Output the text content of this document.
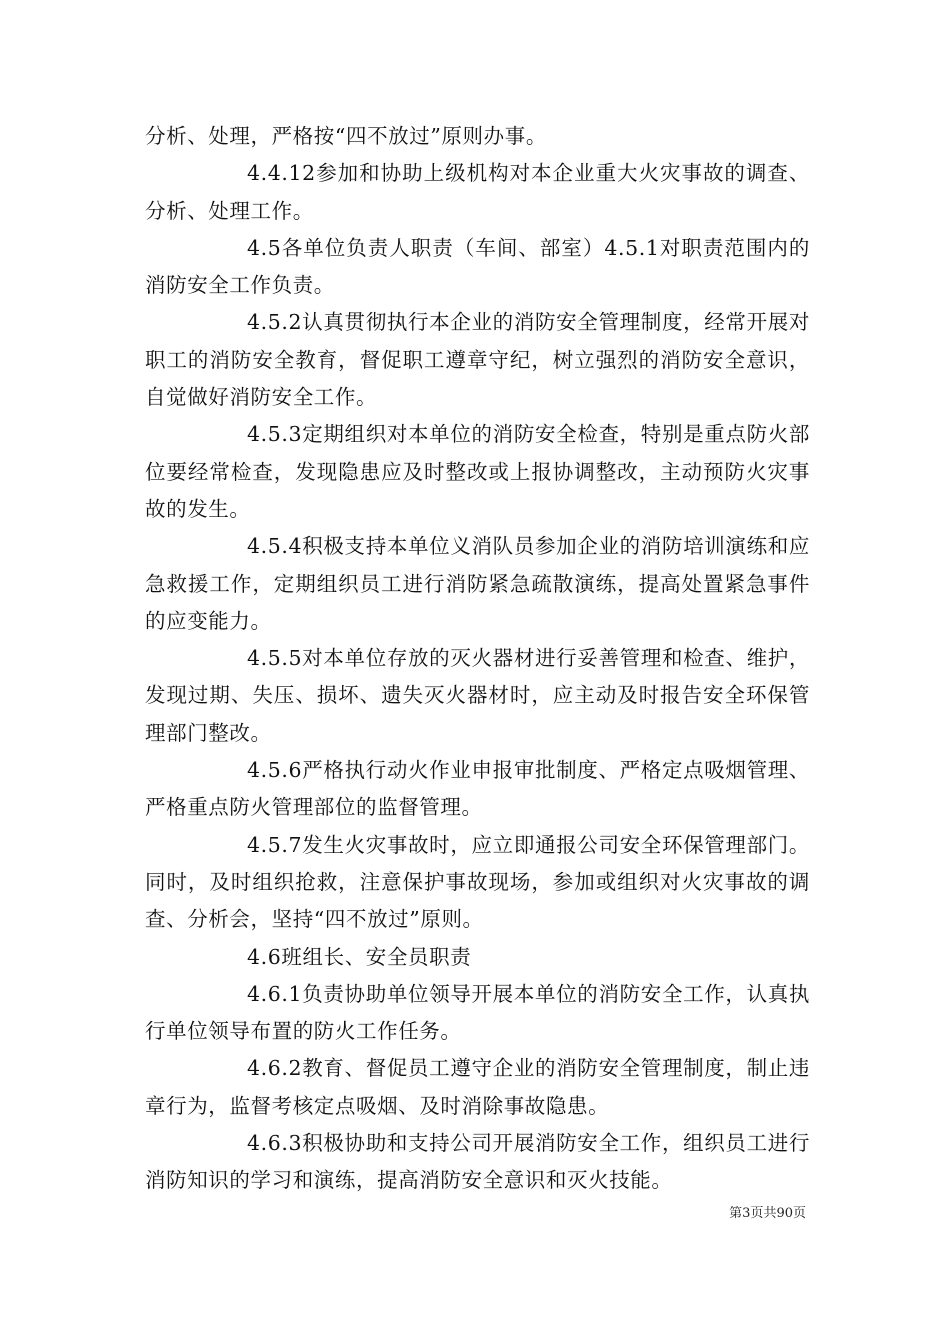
分析、处理，严格按“四不放过”原则办事。

4.4.12参加和协助上级机构对本企业重大火灾事故的调查、分析、处理工作。

4.5各单位负责人职责（车间、部室）4.5.1对职责范围内的消防安全工作负责。

4.5.2认真贯彻执行本企业的消防安全管理制度，经常开展对职工的消防安全教育，督促职工遵章守纪，树立强烈的消防安全意识，自觉做好消防安全工作。

4.5.3定期组织对本单位的消防安全检查，特别是重点防火部位要经常检查，发现隐患应及时整改或上报协调整改，主动预防火灾事故的发生。

4.5.4积极支持本单位义消队员参加企业的消防培训演练和应急救援工作，定期组织员工进行消防紧急疏散演练，提高处置紧急事件的应变能力。

4.5.5对本单位存放的灭火器材进行妥善管理和检查、维护，发现过期、失压、损坏、遗失灭火器材时，应主动及时报告安全环保管理部门整改。

4.5.6严格执行动火作业申报审批制度、严格定点吸烟管理、严格重点防火管理部位的监督管理。

4.5.7发生火灾事故时，应立即通报公司安全环保管理部门。同时，及时组织抢救，注意保护事故现场，参加或组织对火灾事故的调查、分析会，坚持“四不放过”原则。

4.6班组长、安全员职责

4.6.1负责协助单位领导开展本单位的消防安全工作，认真执行单位领导布置的防火工作任务。

4.6.2教育、督促员工遵守企业的消防安全管理制度，制止违章行为，监督考核定点吸烟、及时消除事故隐患。

4.6.3积极协助和支持公司开展消防安全工作，组织员工进行消防知识的学习和演练，提高消防安全意识和灭火技能。

第3页共90页
